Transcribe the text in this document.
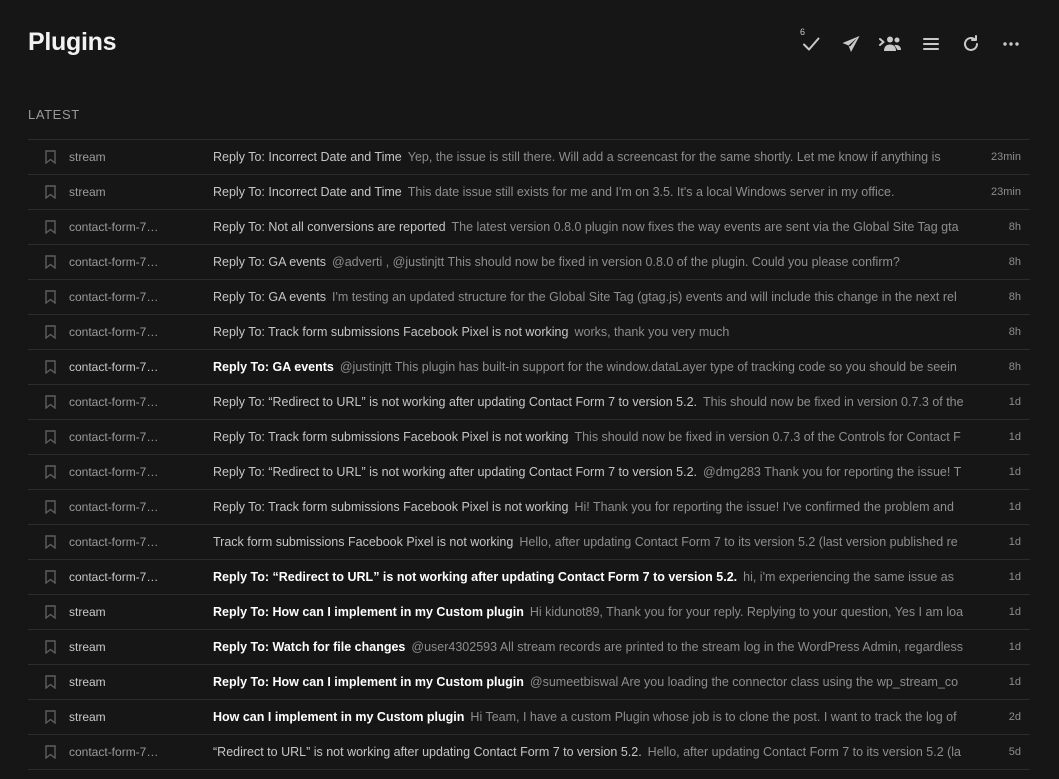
Plugins	6
LATEST
stream	Reply To: Incorrect Date and Time Yep, the issue is still there. Will add a screencast for the same shortly. Let me know if anything is	23min
stream	Reply To: Incorrect Date and Time This date issue still exists for me and I'm on 3.5. It's a local Windows server in my office.	23min
contact-form-7…	Reply To: Not all conversions are reported The latest version 0.8.0 plugin now fixes the way events are sent via the Global Site Tag gta	8h
contact-form-7…	Reply To: GA events @adverti , @justinjtt This should now be fixed in version 0.8.0 of the plugin. Could you please confirm?	8h
contact-form-7…	Reply To: GA events I'm testing an updated structure for the Global Site Tag (gtag.js) events and will include this change in the next rel	8h
contact-form-7…	Reply To: Track form submissions Facebook Pixel is not working works, thank you very much	8h
contact-form-7…	Reply To: GA events @justinjtt This plugin has built-in support for the window.dataLayer type of tracking code so you should be seein	8h
contact-form-7…	Reply To: “Redirect to URL” is not working after updating Contact Form 7 to version 5.2. This should now be fixed in version 0.7.3 of the	1d
contact-form-7…	Reply To: Track form submissions Facebook Pixel is not working This should now be fixed in version 0.7.3 of the Controls for Contact F	1d
contact-form-7…	Reply To: “Redirect to URL” is not working after updating Contact Form 7 to version 5.2. @dmg283 Thank you for reporting the issue! T	1d
contact-form-7…	Reply To: Track form submissions Facebook Pixel is not working Hi! Thank you for reporting the issue! I've confirmed the problem and	1d
contact-form-7…	Track form submissions Facebook Pixel is not working Hello, after updating Contact Form 7 to its version 5.2 (last version published re	1d
contact-form-7…	Reply To: “Redirect to URL” is not working after updating Contact Form 7 to version 5.2. hi, i'm experiencing the same issue as	1d
stream	Reply To: How can I implement in my Custom plugin Hi kidunot89, Thank you for your reply. Replying to your question, Yes I am loa	1d
stream	Reply To: Watch for file changes @user4302593 All stream records are printed to the stream log in the WordPress Admin, regardless	1d
stream	Reply To: How can I implement in my Custom plugin @sumeetbiswal Are you loading the connector class using the wp_stream_co	1d
stream	How can I implement in my Custom plugin Hi Team, I have a custom Plugin whose job is to clone the post. I want to track the log of	2d
contact-form-7…	“Redirect to URL” is not working after updating Contact Form 7 to version 5.2. Hello, after updating Contact Form 7 to its version 5.2 (la	5d
